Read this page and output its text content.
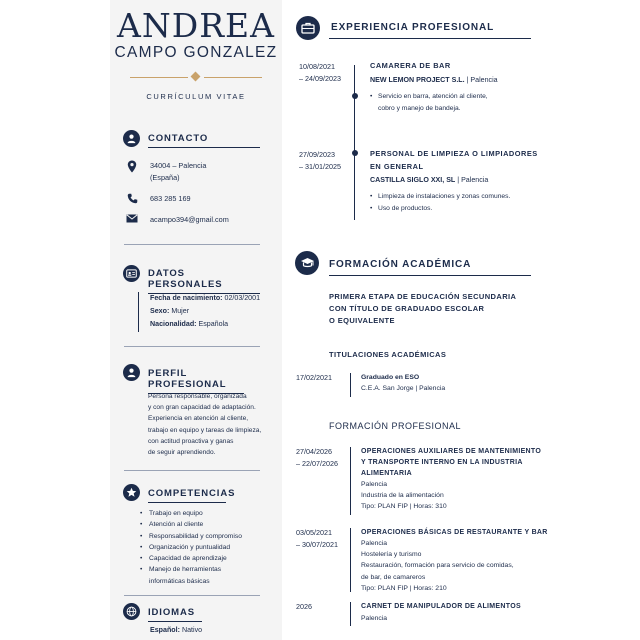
ANDREA
CAMPO GONZALEZ
CURRÍCULUM VITAE
CONTACTO
34004 – Palencia
(España)
683 285 169
acampo394@gmail.com
DATOS PERSONALES
Fecha de nacimiento: 02/03/2001
Sexo: Mujer
Nacionalidad: Española
PERFIL PROFESIONAL
Persona responsable, organizada
y con gran capacidad de adaptación.
Experiencia en atención al cliente,
trabajo en equipo y tareas de limpieza,
con actitud proactiva y ganas
de seguir aprendiendo.
COMPETENCIAS
• Trabajo en equipo
• Atención al cliente
• Responsabilidad y compromiso
• Organización y puntualidad
• Capacidad de aprendizaje
• Manejo de herramientas
informáticas básicas
IDIOMAS
Español: Nativo
EXPERIENCIA PROFESIONAL
10/08/2021
– 24/09/2023
CAMARERA DE BAR
NEW LEMON PROJECT S.L. | Palencia
• Servicio en barra, atención al cliente,
cobro y manejo de bandeja.
27/09/2023
– 31/01/2025
PERSONAL DE LIMPIEZA O LIMPIADORES
EN GENERAL
CASTILLA SIGLO XXI, SL | Palencia
• Limpieza de instalaciones y zonas comunes.
• Uso de productos.
FORMACIÓN ACADÉMICA
PRIMERA ETAPA DE EDUCACIÓN SECUNDARIA
CON TÍTULO DE GRADUADO ESCOLAR
O EQUIVALENTE
TITULACIONES ACADÉMICAS
17/02/2021	Graduado en ESO
C.E.A. San Jorge | Palencia
FORMACIÓN PROFESIONAL
27/04/2026
– 22/07/2026
OPERACIONES AUXILIARES DE MANTENIMIENTO
Y TRANSPORTE INTERNO EN LA INDUSTRIA
ALIMENTARIA
Palencia
Industria de la alimentación
Tipo: PLAN FIP | Horas: 310
03/05/2021
– 30/07/2021
OPERACIONES BÁSICAS DE RESTAURANTE Y BAR
Palencia
Hostelería y turismo
Restauración, formación para servicio de comidas,
de bar, de camareros
Tipo: PLAN FIP | Horas: 210
2026	CARNET DE MANIPULADOR DE ALIMENTOS
Palencia
